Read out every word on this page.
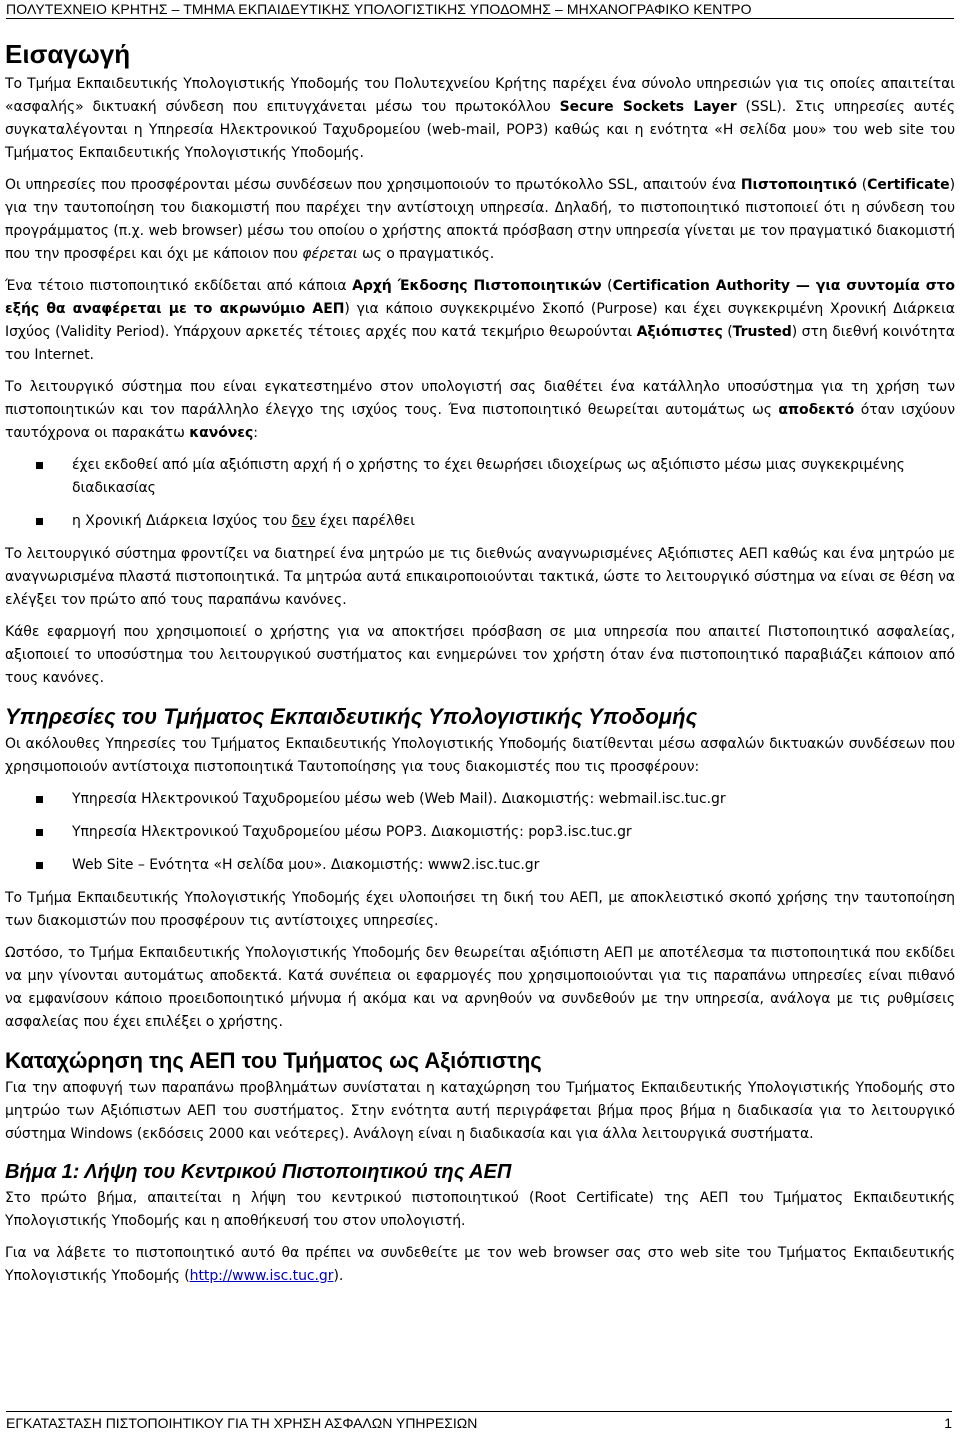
ΠΟΛΥΤΕΧΝΕΙΟ ΚΡΗΤΗΣ – ΤΜΗΜΑ ΕΚΠΑΙΔΕΥΤΙΚΗΣ ΥΠΟΛΟΓΙΣΤΙΚΗΣ ΥΠΟΔΟΜΗΣ – ΜΗΧΑΝΟΓΡΑΦΙΚΟ ΚΕΝΤΡΟ
Εισαγωγή

Το Τμήμα Εκπαιδευτικής Υπολογιστικής Υποδομής του Πολυτεχνείου Κρήτης παρέχει ένα σύνολο υπηρεσιών για τις οποίες απαιτείται «ασφαλής» δικτυακή σύνδεση που επιτυγχάνεται μέσω του πρωτοκόλλου Secure Sockets Layer (SSL). Στις υπηρεσίες αυτές συγκαταλέγονται η Υπηρεσία Ηλεκτρονικού Ταχυδρομείου (web-mail, POP3) καθώς και η ενότητα «Η σελίδα μου» του web site του Τμήματος Εκπαιδευτικής Υπολογιστικής Υποδομής.

Οι υπηρεσίες που προσφέρονται μέσω συνδέσεων που χρησιμοποιούν το πρωτόκολλο SSL, απαιτούν ένα Πιστοποιητικό (Certificate) για την ταυτοποίηση του διακομιστή που παρέχει την αντίστοιχη υπηρεσία. Δηλαδή, το πιστοποιητικό πιστοποιεί ότι η σύνδεση του προγράμματος (π.χ. web browser) μέσω του οποίου ο χρήστης αποκτά πρόσβαση στην υπηρεσία γίνεται με τον πραγματικό διακομιστή που την προσφέρει και όχι με κάποιον που φέρεται ως ο πραγματικός.

Ένα τέτοιο πιστοποιητικό εκδίδεται από κάποια Αρχή Έκδοσης Πιστοποιητικών (Certification Authority — για συντομία στο εξής θα αναφέρεται με το ακρωνύμιο ΑΕΠ) για κάποιο συγκεκριμένο Σκοπό (Purpose) και έχει συγκεκριμένη Χρονική Διάρκεια Ισχύος (Validity Period). Υπάρχουν αρκετές τέτοιες αρχές που κατά τεκμήριο θεωρούνται Αξιόπιστες (Trusted) στη διεθνή κοινότητα του Internet.

Το λειτουργικό σύστημα που είναι εγκατεστημένο στον υπολογιστή σας διαθέτει ένα κατάλληλο υποσύστημα για τη χρήση των πιστοποιητικών και τον παράλληλο έλεγχο της ισχύος τους. Ένα πιστοποιητικό θεωρείται αυτομάτως ως αποδεκτό όταν ισχύουν ταυτόχρονα οι παρακάτω κανόνες:

έχει εκδοθεί από μία αξιόπιστη αρχή ή ο χρήστης το έχει θεωρήσει ιδιοχείρως ως αξιόπιστο μέσω μιας συγκεκριμένης διαδικασίας
η Χρονική Διάρκεια Ισχύος του δεν έχει παρέλθει

Το λειτουργικό σύστημα φροντίζει να διατηρεί ένα μητρώο με τις διεθνώς αναγνωρισμένες Αξιόπιστες ΑΕΠ καθώς και ένα μητρώο με αναγνωρισμένα πλαστά πιστοποιητικά. Τα μητρώα αυτά επικαιροποιούνται τακτικά, ώστε το λειτουργικό σύστημα να είναι σε θέση να ελέγξει τον πρώτο από τους παραπάνω κανόνες.

Κάθε εφαρμογή που χρησιμοποιεί ο χρήστης για να αποκτήσει πρόσβαση σε μια υπηρεσία που απαιτεί Πιστοποιητικό ασφαλείας, αξιοποιεί το υποσύστημα του λειτουργικού συστήματος και ενημερώνει τον χρήστη όταν ένα πιστοποιητικό παραβιάζει κάποιον από τους κανόνες.

Υπηρεσίες του Τμήματος Εκπαιδευτικής Υπολογιστικής Υποδομής

Οι ακόλουθες Υπηρεσίες του Τμήματος Εκπαιδευτικής Υπολογιστικής Υποδομής διατίθενται μέσω ασφαλών δικτυακών συνδέσεων που χρησιμοποιούν αντίστοιχα πιστοποιητικά Ταυτοποίησης για τους διακομιστές που τις προσφέρουν:

Υπηρεσία Ηλεκτρονικού Ταχυδρομείου μέσω web (Web Mail). Διακομιστής: webmail.isc.tuc.gr
Υπηρεσία Ηλεκτρονικού Ταχυδρομείου μέσω POP3. Διακομιστής: pop3.isc.tuc.gr
Web Site – Ενότητα «Η σελίδα μου». Διακομιστής: www2.isc.tuc.gr

Το Τμήμα Εκπαιδευτικής Υπολογιστικής Υποδομής έχει υλοποιήσει τη δική του ΑΕΠ, με αποκλειστικό σκοπό χρήσης την ταυτοποίηση των διακομιστών που προσφέρουν τις αντίστοιχες υπηρεσίες.

Ωστόσο, το Τμήμα Εκπαιδευτικής Υπολογιστικής Υποδομής δεν θεωρείται αξιόπιστη ΑΕΠ με αποτέλεσμα τα πιστοποιητικά που εκδίδει να μην γίνονται αυτομάτως αποδεκτά. Κατά συνέπεια οι εφαρμογές που χρησιμοποιούνται για τις παραπάνω υπηρεσίες είναι πιθανό να εμφανίσουν κάποιο προειδοποιητικό μήνυμα ή ακόμα και να αρνηθούν να συνδεθούν με την υπηρεσία, ανάλογα με τις ρυθμίσεις ασφαλείας που έχει επιλέξει ο χρήστης.

Καταχώρηση της ΑΕΠ του Τμήματος ως Αξιόπιστης

Για την αποφυγή των παραπάνω προβλημάτων συνίσταται η καταχώρηση του Τμήματος Εκπαιδευτικής Υπολογιστικής Υποδομής στο μητρώο των Αξιόπιστων ΑΕΠ του συστήματος. Στην ενότητα αυτή περιγράφεται βήμα προς βήμα η διαδικασία για το λειτουργικό σύστημα Windows (εκδόσεις 2000 και νεότερες). Ανάλογη είναι η διαδικασία και για άλλα λειτουργικά συστήματα.

Βήμα 1: Λήψη του Κεντρικού Πιστοποιητικού της ΑΕΠ

Στο πρώτο βήμα, απαιτείται η λήψη του κεντρικού πιστοποιητικού (Root Certificate) της ΑΕΠ του Τμήματος Εκπαιδευτικής Υπολογιστικής Υποδομής και η αποθήκευσή του στον υπολογιστή.

Για να λάβετε το πιστοποιητικό αυτό θα πρέπει να συνδεθείτε με τον web browser σας στο web site του Τμήματος Εκπαιδευτικής Υπολογιστικής Υποδομής (http://www.isc.tuc.gr).

ΕΓΚΑΤΑΣΤΑΣΗ ΠΙΣΤΟΠΟΙΗΤΙΚΟΥ ΓΙΑ ΤΗ ΧΡΗΣΗ ΑΣΦΑΛΩΝ ΥΠΗΡΕΣΙΩΝ	1
